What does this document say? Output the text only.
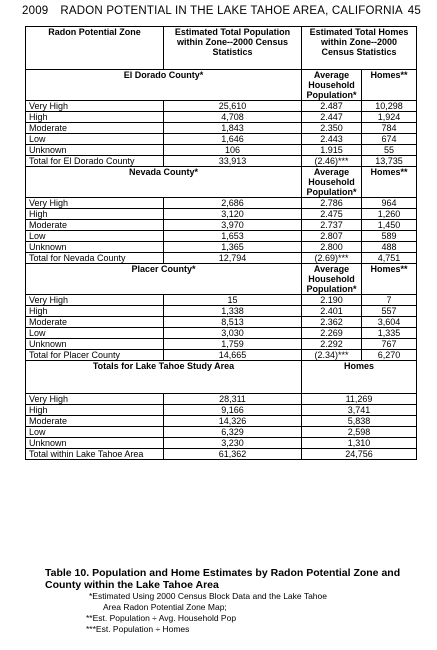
2009 RADON POTENTIAL IN THE LAKE TAHOE AREA, CALIFORNIA 45
Radon Potential Zone	Estimated Total Population within Zone--2000 Census Statistics	Estimated Total Homes within Zone--2000 Census Statistics	
El Dorado County*		Average Household Population*	Homes**
Very High	25,610	2.487	10,298
High	4,708	2.447	1,924
Moderate	1,843	2.350	784
Low	1,646	2.443	674
Unknown	106	1.915	55
Total for El Dorado County	33,913	(2.46)***	13,735
Nevada County*		Average Household Population*	Homes**
Very High	2,686	2.786	964
High	3,120	2.475	1,260
Moderate	3,970	2.737	1,450
Low	1,653	2.807	589
Unknown	1,365	2.800	488
Total for Nevada County	12,794	(2.69)***	4,751
Placer County*		Average Household Population*	Homes**
Very High	15	2.190	7
High	1,338	2.401	557
Moderate	8,513	2.362	3,604
Low	3,030	2.269	1,335
Unknown	1,759	2.292	767
Total for Placer County	14,665	(2.34)***	6,270
Totals for Lake Tahoe Study Area		Homes	
Very High	28,311	11,269	
High	9,166	3,741	
Moderate	14,326	5,838	
Low	6,329	2,598	
Unknown	3,230	1,310	
Total within Lake Tahoe Area	61,362	24,756	
Table 10. Population and Home Estimates by Radon Potential Zone and County within the Lake Tahoe Area
*Estimated Using 2000 Census Block Data and the Lake Tahoe
Area Radon Potential Zone Map;
**Est. Population ÷ Avg. Household Pop
***Est. Population ÷ Homes
